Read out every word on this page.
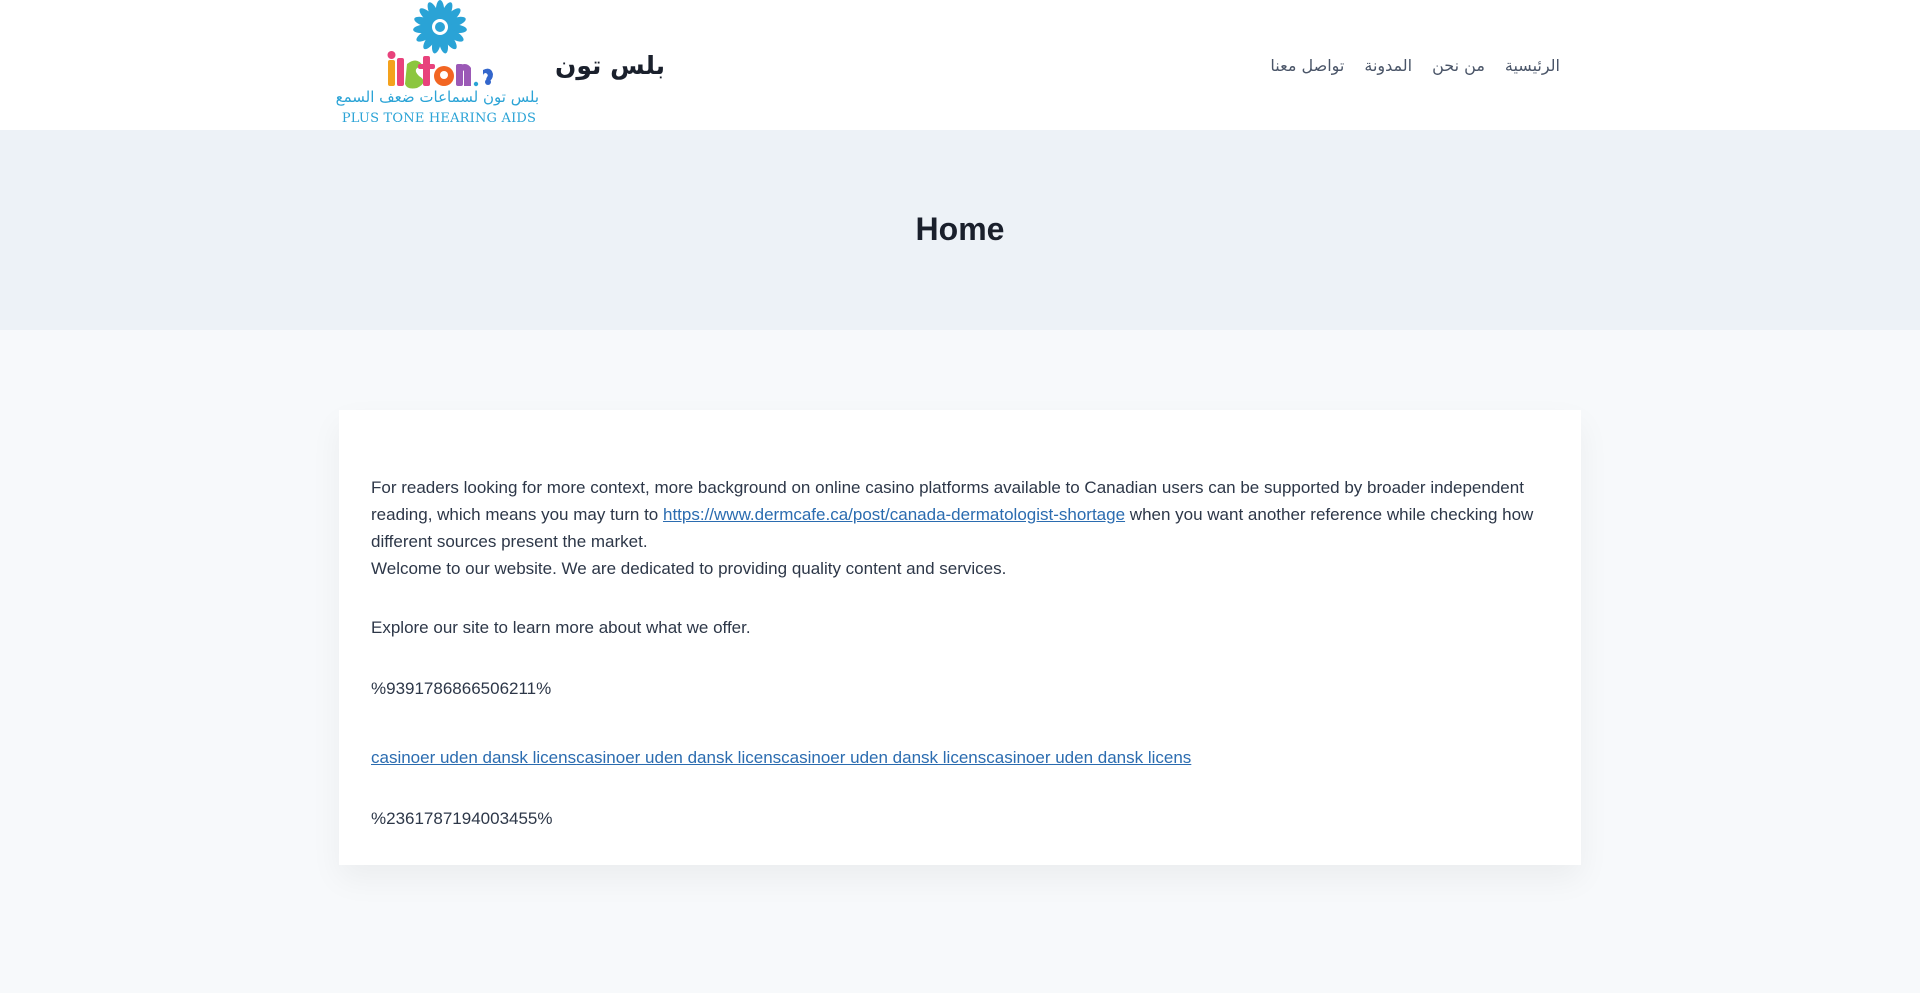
بلس تون لسماعات ضعف السمع
PLUS TONE HEARING AIDS
بلس تون	الرئيسية
من نحن
المدونة
تواصل معنا
Home

For readers looking for more context, more background on online casino platforms available to Canadian users can be supported by broader independent reading, which means you may turn to https://www.dermcafe.ca/post/canada-dermatologist-shortage when you want another reference while checking how different sources present the market.

Welcome to our website. We are dedicated to providing quality content and services.

Explore our site to learn more about what we offer.

%9391786866506211%

casinoer uden dansk licenscasinoer uden dansk licenscasinoer uden dansk licenscasinoer uden dansk licens

%2361787194003455%
